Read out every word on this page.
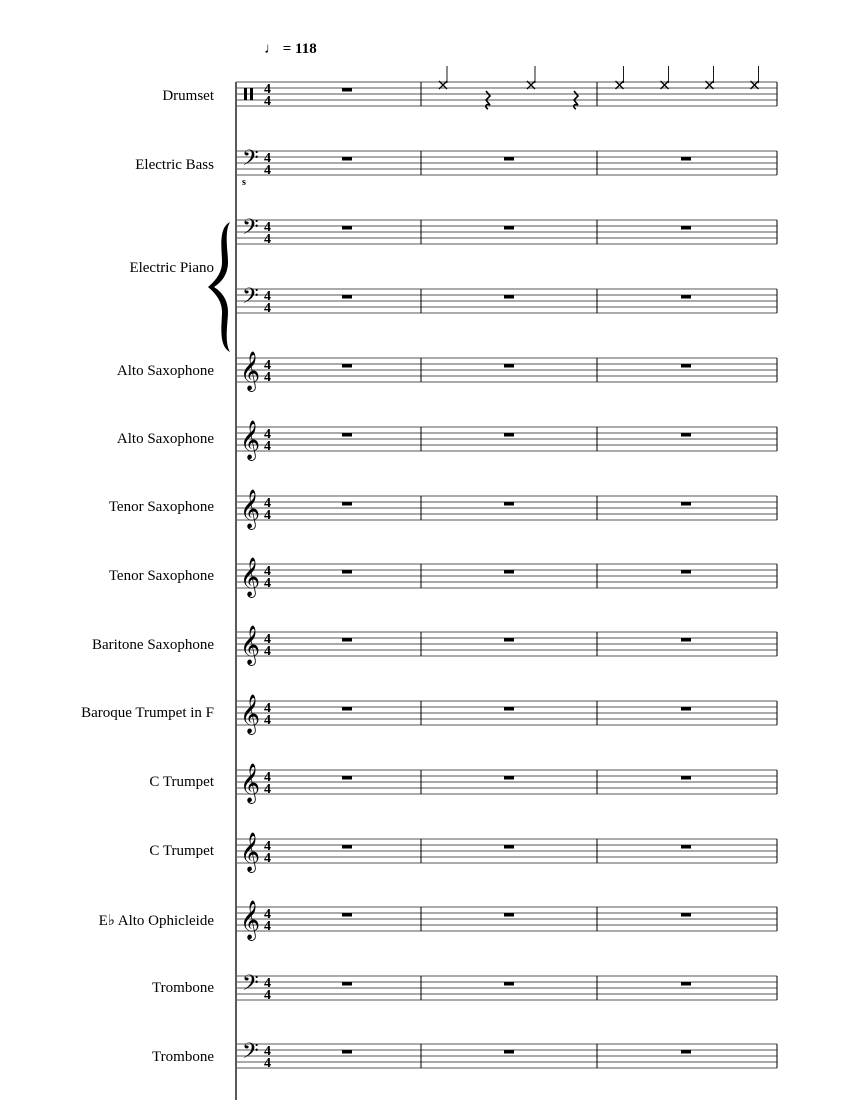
♩ = 118
Drumset
Electric Bass
Electric Piano
Alto Saxophone
Alto Saxophone
Tenor Saxophone
Tenor Saxophone
Baritone Saxophone
Baroque Trumpet in F
C Trumpet
C Trumpet
E♭ Alto Ophicleide
Trombone
Trombone
4
4
𝄢 4
4
s
𝄢 4
4
𝄢 4
4
𝄞 4
4
𝄞 4
4
𝄞 4
4
𝄞 4
4
𝄞 4
4
𝄞 4
4
𝄞 4
4
𝄞 4
4
𝄞 4
4
𝄢 4
4
𝄢 4
4
